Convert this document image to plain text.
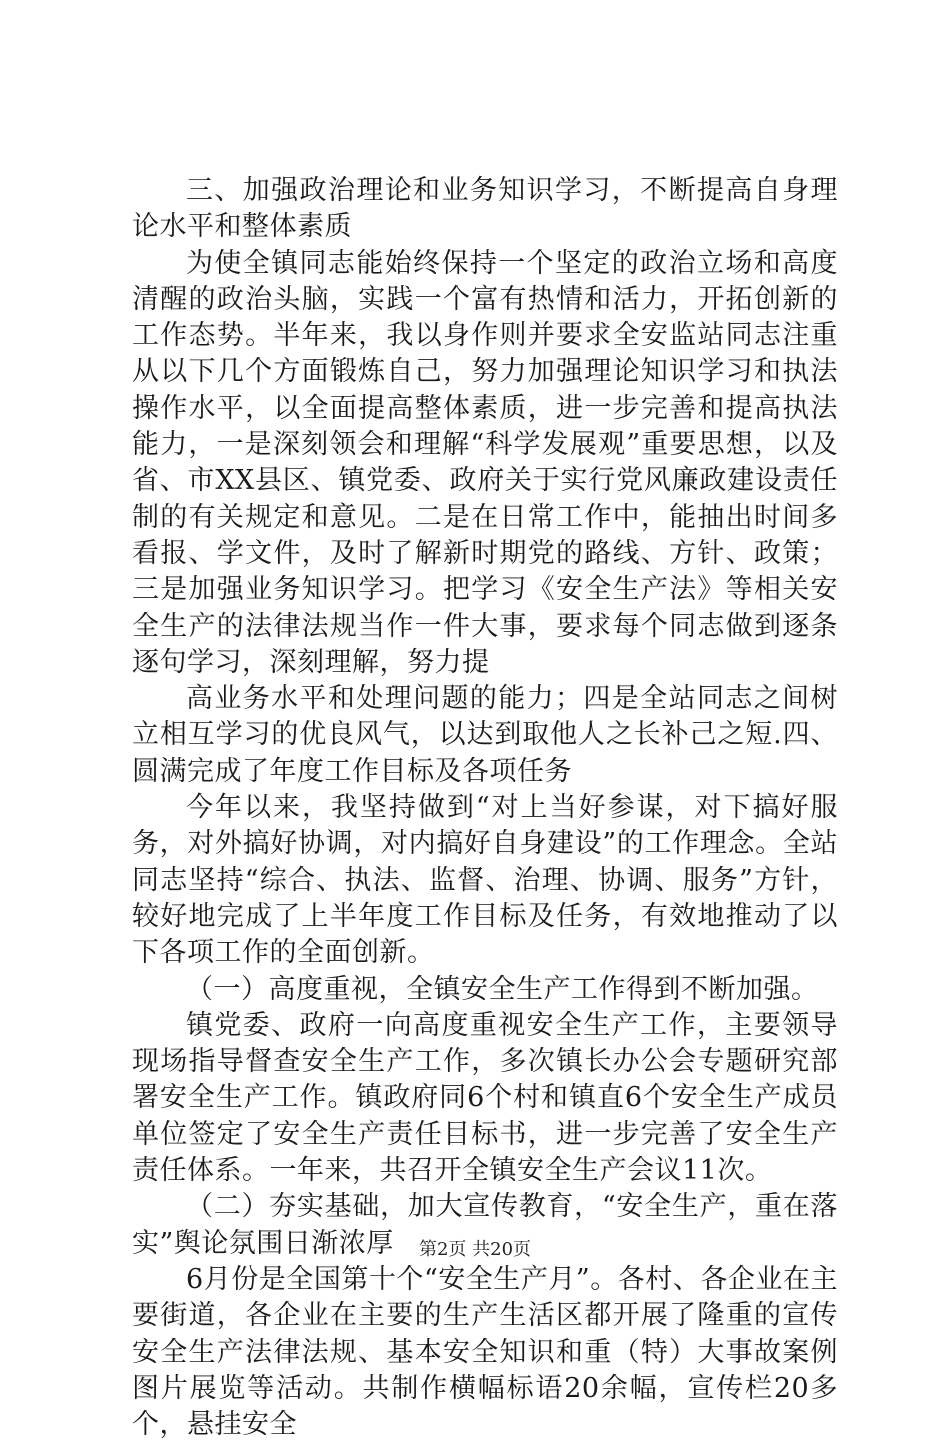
三、加强政治理论和业务知识学习，不断提高自身理论水平和整体素质

为使全镇同志能始终保持一个坚定的政治立场和高度清醒的政治头脑，实践一个富有热情和活力，开拓创新的工作态势。半年来，我以身作则并要求全安监站同志注重从以下几个方面锻炼自己，努力加强理论知识学习和执法操作水平，以全面提高整体素质，进一步完善和提高执法能力，一是深刻领会和理解“科学发展观”重要思想，以及省、市XX县区、镇党委、政府关于实行党风廉政建设责任制的有关规定和意见。二是在日常工作中，能抽出时间多看报、学文件，及时了解新时期党的路线、方针、政策；三是加强业务知识学习。把学习《安全生产法》等相关安全生产的法律法规当作一件大事，要求每个同志做到逐条逐句学习，深刻理解，努力提

高业务水平和处理问题的能力；四是全站同志之间树立相互学习的优良风气，以达到取他人之长补己之短.四、圆满完成了年度工作目标及各项任务

今年以来，我坚持做到“对上当好参谋，对下搞好服务，对外搞好协调，对内搞好自身建设”的工作理念。全站同志坚持“综合、执法、监督、治理、协调、服务”方针，较好地完成了上半年度工作目标及任务，有效地推动了以下各项工作的全面创新。

（一）高度重视，全镇安全生产工作得到不断加强。

镇党委、政府一向高度重视安全生产工作，主要领导现场指导督查安全生产工作，多次镇长办公会专题研究部署安全生产工作。镇政府同6个村和镇直6个安全生产成员单位签定了安全生产责任目标书，进一步完善了安全生产责任体系。一年来，共召开全镇安全生产会议11次。

（二）夯实基础，加大宣传教育，“安全生产，重在落实”舆论氛围日渐浓厚

6月份是全国第十个“安全生产月”。各村、各企业在主要街道，各企业在主要的生产生活区都开展了隆重的宣传安全生产法律法规、基本安全知识和重（特）大事故案例图片展览等活动。共制作横幅标语20余幅，宣传栏20多个，悬挂安全

第2页 共20页
